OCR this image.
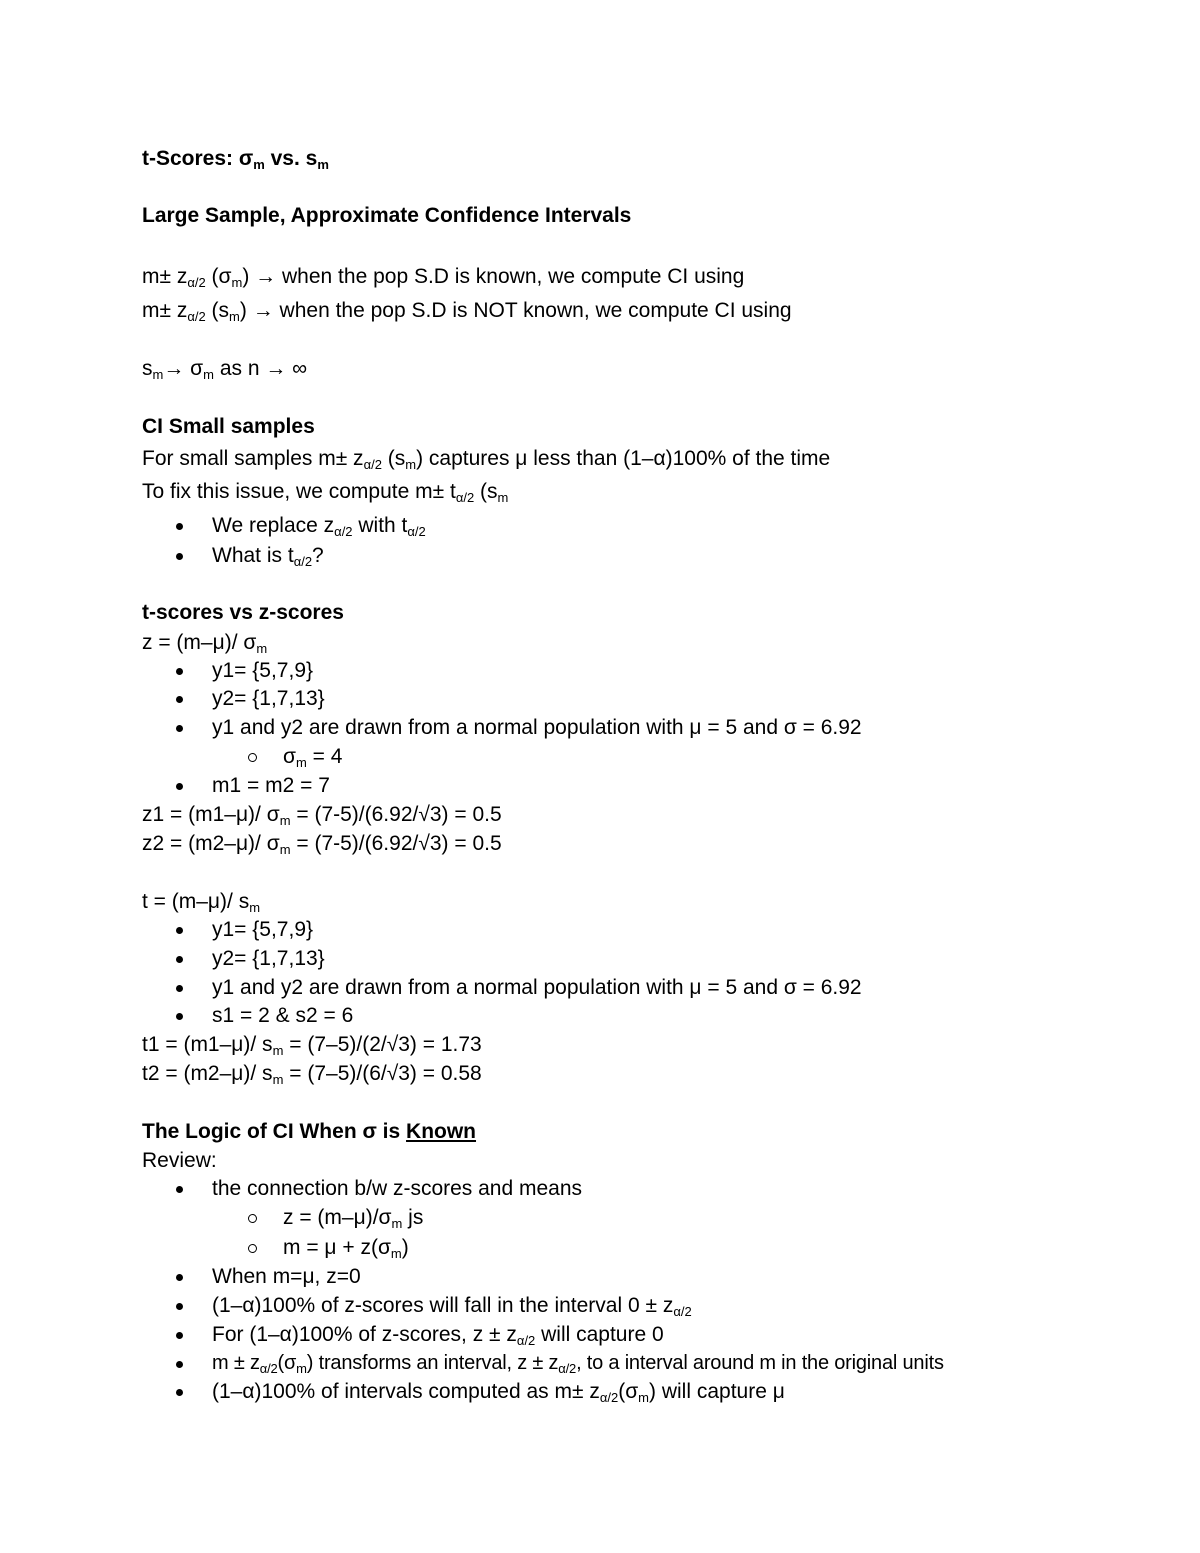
t-Scores: σm vs. sm
Large Sample, Approximate Confidence Intervals
m± zα/2 (σm) → when the pop S.D is known, we compute CI using
m± zα/2 (sm) → when the pop S.D is NOT known, we compute CI using
sm→ σm as n → ∞
CI Small samples
For small samples m± zα/2 (sm) captures μ less than (1–α)100% of the time
To fix this issue, we compute m± tα/2 (sm
We replace zα/2 with tα/2
What is tα/2?
t-scores vs z-scores
z = (m–μ)/ σm
y1= {5,7,9}
y2= {1,7,13}
y1 and y2 are drawn from a normal population with μ = 5 and σ = 6.92
σm = 4
m1 = m2 = 7
z1 = (m1–μ)/ σm = (7-5)/(6.92/√3) = 0.5
z2 = (m2–μ)/ σm = (7-5)/(6.92/√3) = 0.5
t = (m–μ)/ sm
y1= {5,7,9}
y2= {1,7,13}
y1 and y2 are drawn from a normal population with μ = 5 and σ = 6.92
s1 = 2 & s2 = 6
t1 = (m1–μ)/ sm = (7–5)/(2/√3) = 1.73
t2 = (m2–μ)/ sm = (7–5)/(6/√3) = 0.58
The Logic of CI When σ is Known
Review:
the connection b/w z-scores and means
z = (m–μ)/σm js
m = μ + z(σm)
When m=μ, z=0
(1–α)100% of z-scores will fall in the interval 0 ± zα/2
For (1–α)100% of z-scores, z ± zα/2 will capture 0
$m \pm z_{\alpha/2}(\sigma_m)$ transforms an interval, $z \pm z_{\alpha/2}$, to a interval around m in the original units
(1–α)100% of intervals computed as m± zα/2(σm) will capture μ
